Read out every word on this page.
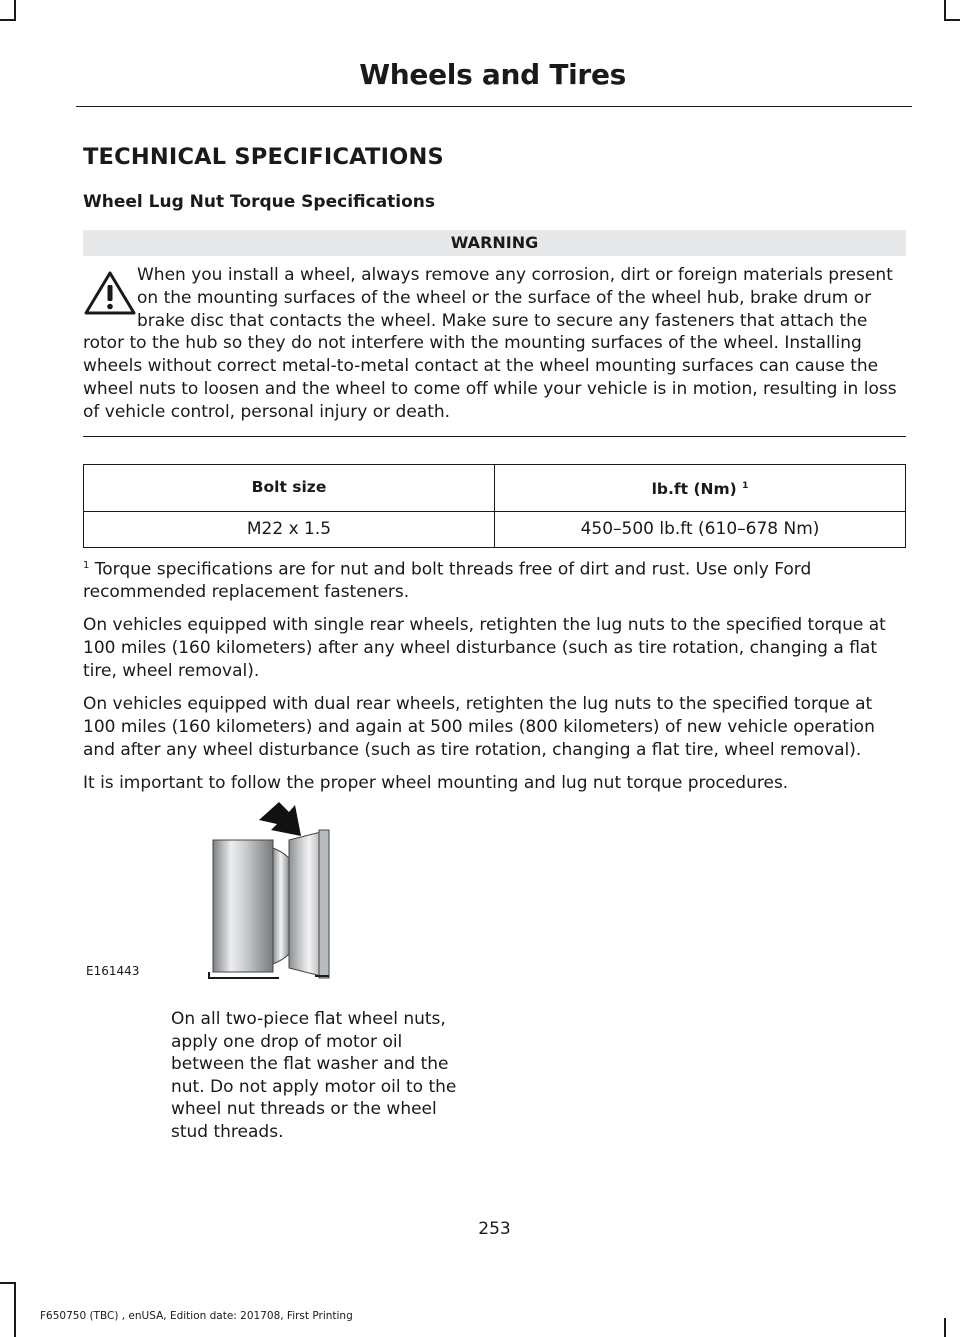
Wheels and Tires
TECHNICAL SPECIFICATIONS
Wheel Lug Nut Torque Specifications
WARNING

When you install a wheel, always remove any corrosion, dirt or foreign materials present on the mounting surfaces of the wheel or the surface of the wheel hub, brake drum or brake disc that contacts the wheel. Make sure to secure any fasteners that attach the rotor to the hub so they do not interfere with the mounting surfaces of the wheel. Installing wheels without correct metal-to-metal contact at the wheel mounting surfaces can cause the wheel nuts to loosen and the wheel to come off while your vehicle is in motion, resulting in loss of vehicle control, personal injury or death.

Bolt size	lb.ft (Nm) $^1$
M22 x 1.5	450–500 lb.ft (610–678 Nm)

$^1$ Torque specifications are for nut and bolt threads free of dirt and rust. Use only Ford recommended replacement fasteners.

On vehicles equipped with single rear wheels, retighten the lug nuts to the specified torque at 100 miles (160 kilometers) after any wheel disturbance (such as tire rotation, changing a flat tire, wheel removal).

On vehicles equipped with dual rear wheels, retighten the lug nuts to the specified torque at 100 miles (160 kilometers) and again at 500 miles (800 kilometers) of new vehicle operation and after any wheel disturbance (such as tire rotation, changing a flat tire, wheel removal).

It is important to follow the proper wheel mounting and lug nut torque procedures.

E161443
On all two-piece flat wheel nuts, apply one drop of motor oil between the flat washer and the nut. Do not apply motor oil to the wheel nut threads or the wheel stud threads.
253
F650750 (TBC) , enUSA, Edition date: 201708, First Printing
